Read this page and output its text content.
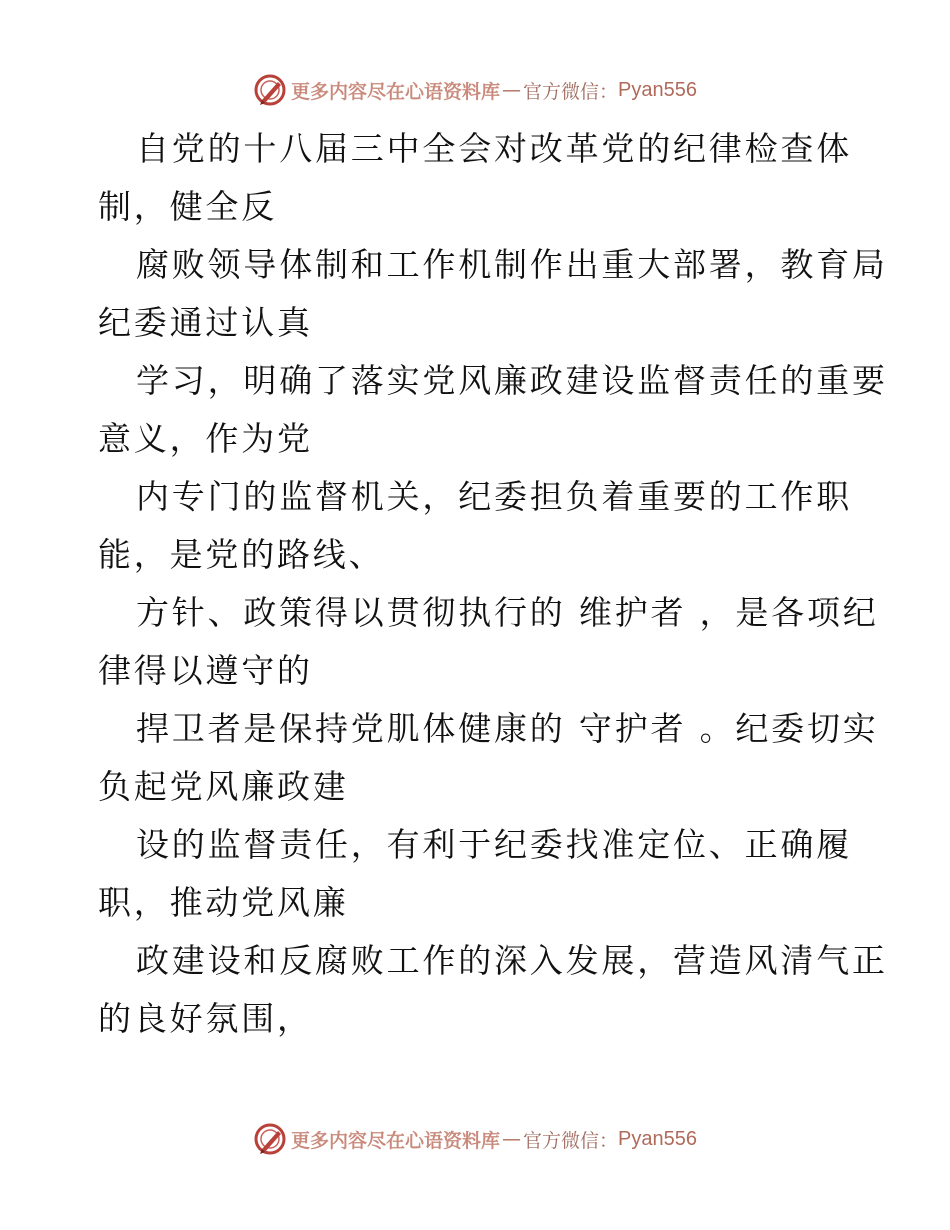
更多内容尽在心语资料库 — 官方微信： Pyan556
自党的十八届三中全会对改革党的纪律检查体
制，健全反
腐败领导体制和工作机制作出重大部署，教育局
纪委通过认真
学习，明确了落实党风廉政建设监督责任的重要
意义，作为党
内专门的监督机关，纪委担负着重要的工作职
能，是党的路线、
方针、政策得以贯彻执行的 维护者 ，是各项纪
律得以遵守的
捍卫者是保持党肌体健康的 守护者 。纪委切实
负起党风廉政建
设的监督责任，有利于纪委找准定位、正确履
职，推动党风廉
政建设和反腐败工作的深入发展，营造风清气正
的良好氛围，
更多内容尽在心语资料库 — 官方微信： Pyan556
